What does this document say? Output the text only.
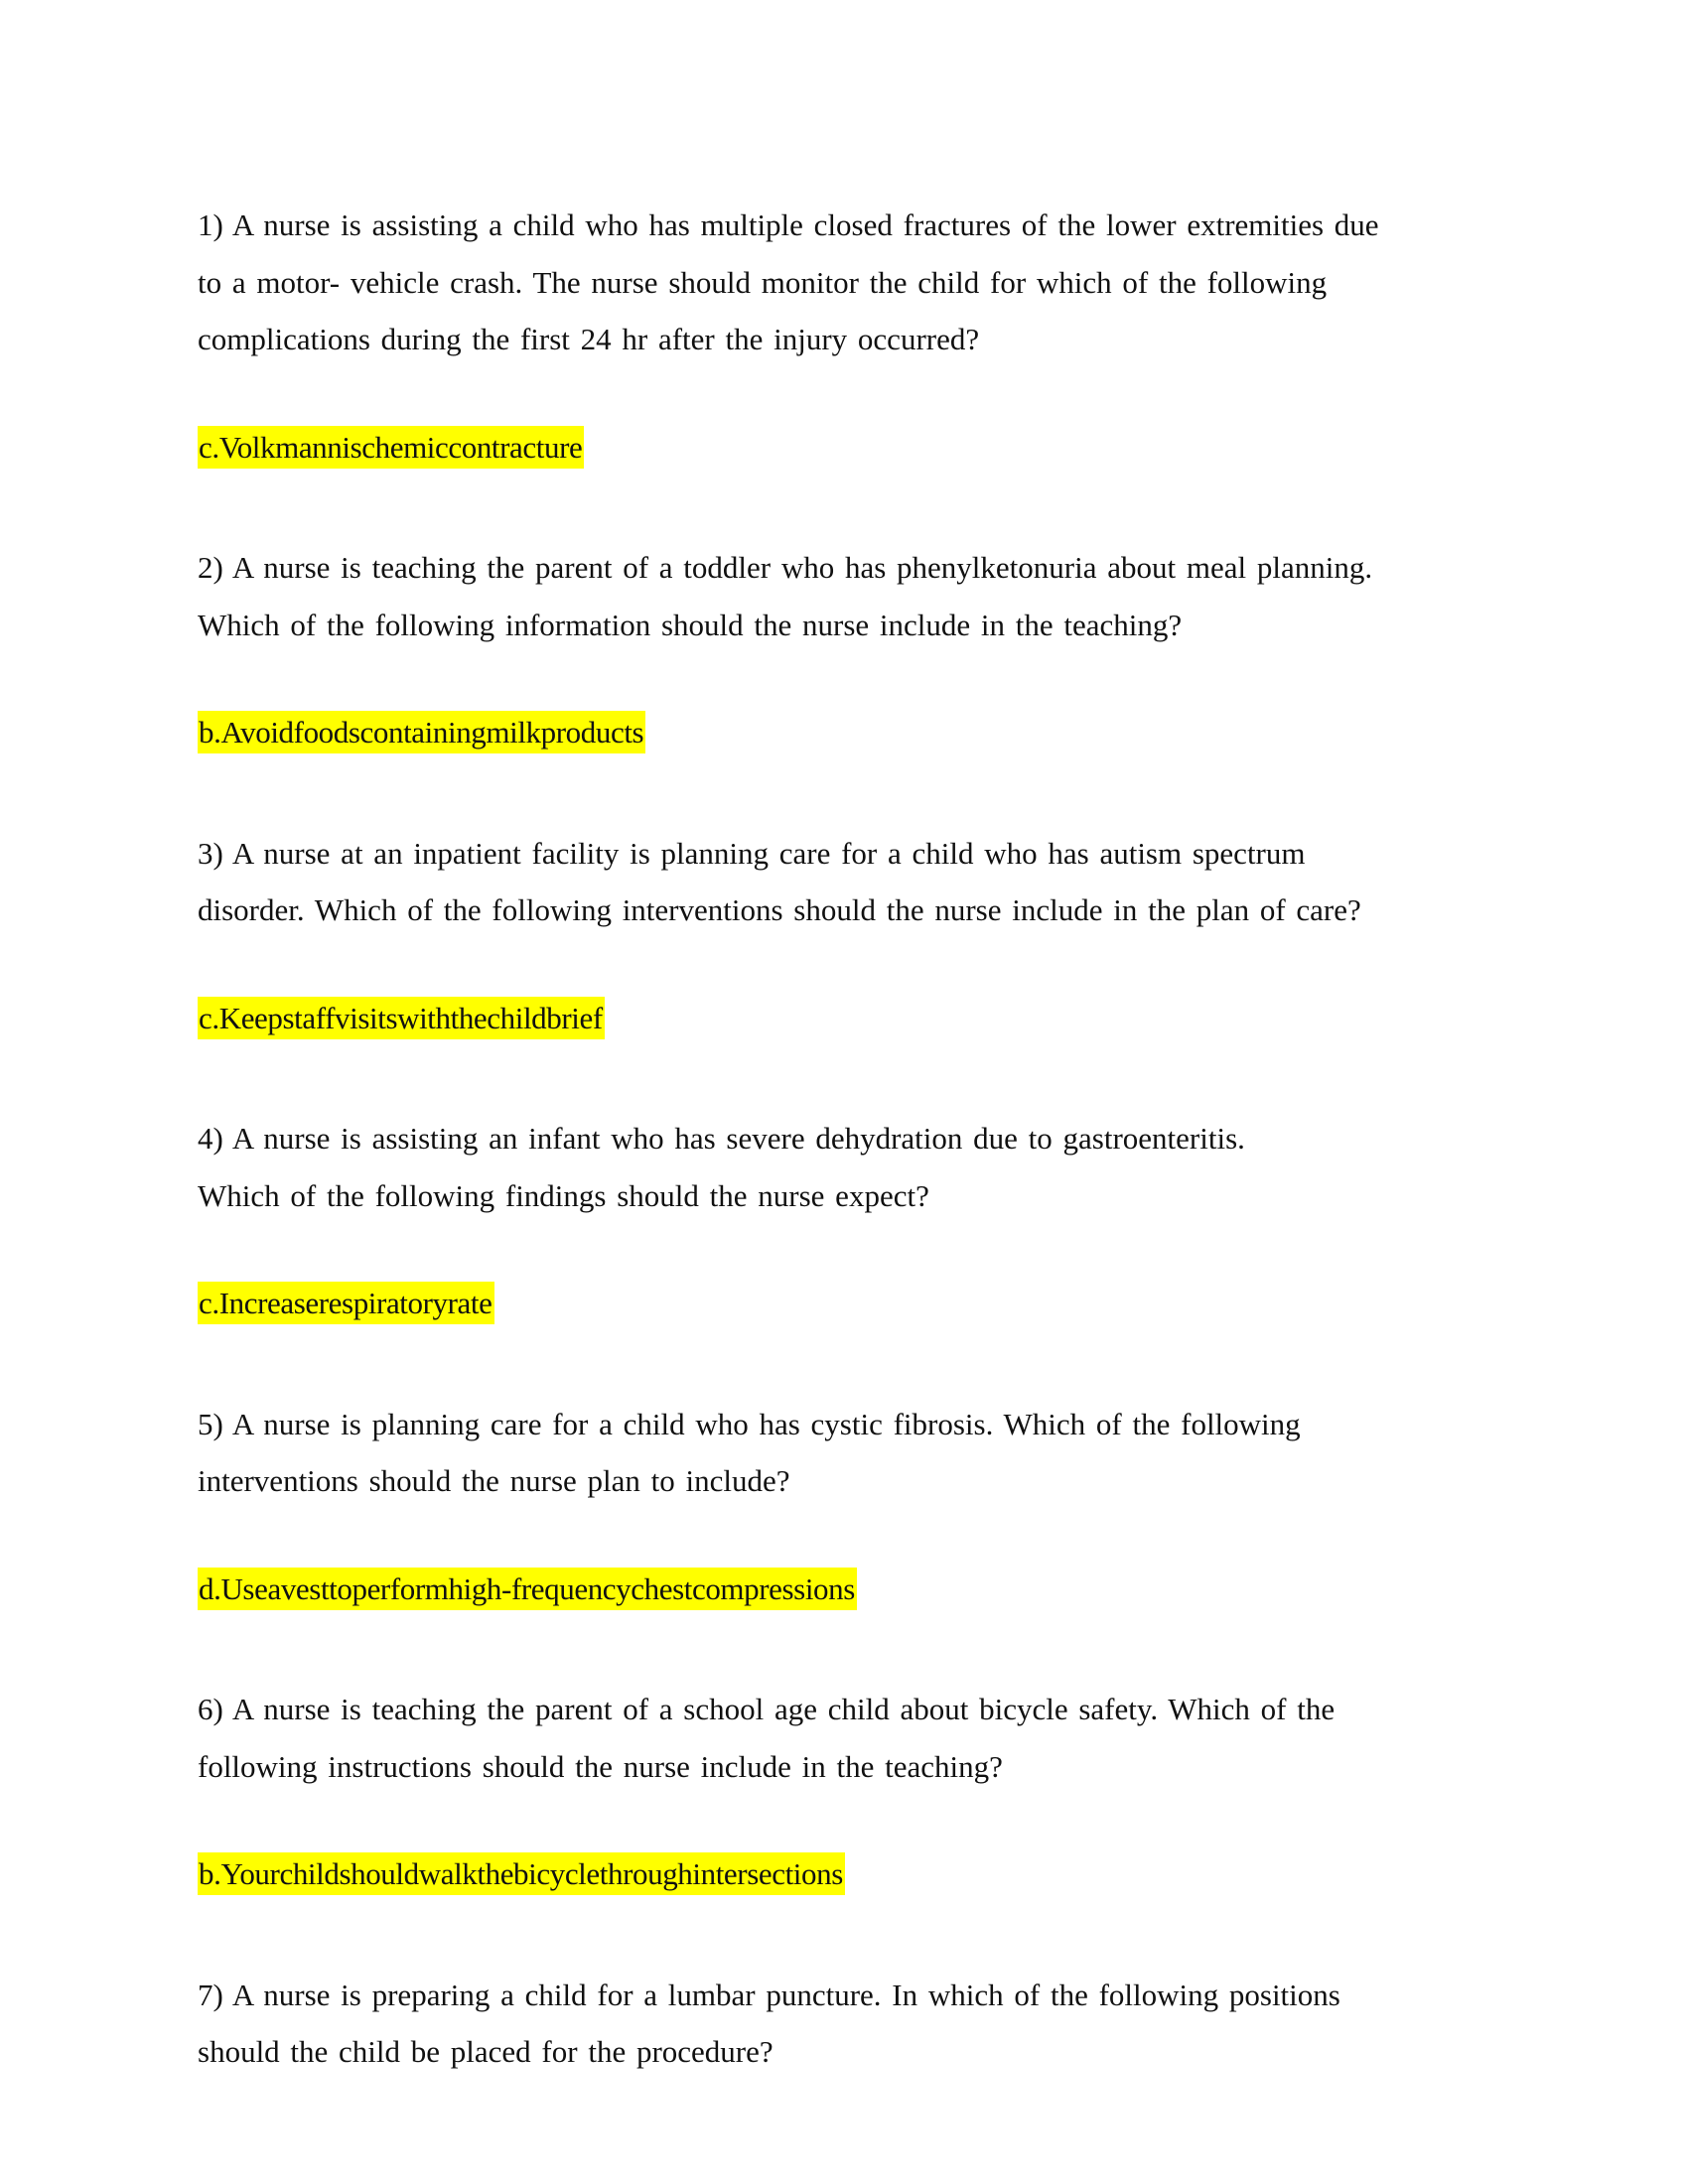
1) A nurse is assisting a child who has multiple closed fractures of the lower extremities due
to a motor- vehicle crash. The nurse should monitor the child for which of the following
complications during the first 24 hr after the injury occurred?
c.Volkmannischemiccontracture
2) A nurse is teaching the parent of a toddler who has phenylketonuria about meal planning.
Which of the following information should the nurse include in the teaching?
b.Avoidfoodscontainingmilkproducts
3) A nurse at an inpatient facility is planning care for a child who has autism spectrum
disorder. Which of the following interventions should the nurse include in the plan of care?
c.Keepstaffvisitswiththechildbrief
4) A nurse is assisting an infant who has severe dehydration due to gastroenteritis.
Which of the following findings should the nurse expect?
c.Increaserespiratoryrate
5) A nurse is planning care for a child who has cystic fibrosis. Which of the following
interventions should the nurse plan to include?
d.Useavesttoperformhigh-frequencychestcompressions
6) A nurse is teaching the parent of a school age child about bicycle safety. Which of the
following instructions should the nurse include in the teaching?
b.Yourchildshouldwalkthebicyclethroughintersections
7) A nurse is preparing a child for a lumbar puncture. In which of the following positions
should the child be placed for the procedure?
